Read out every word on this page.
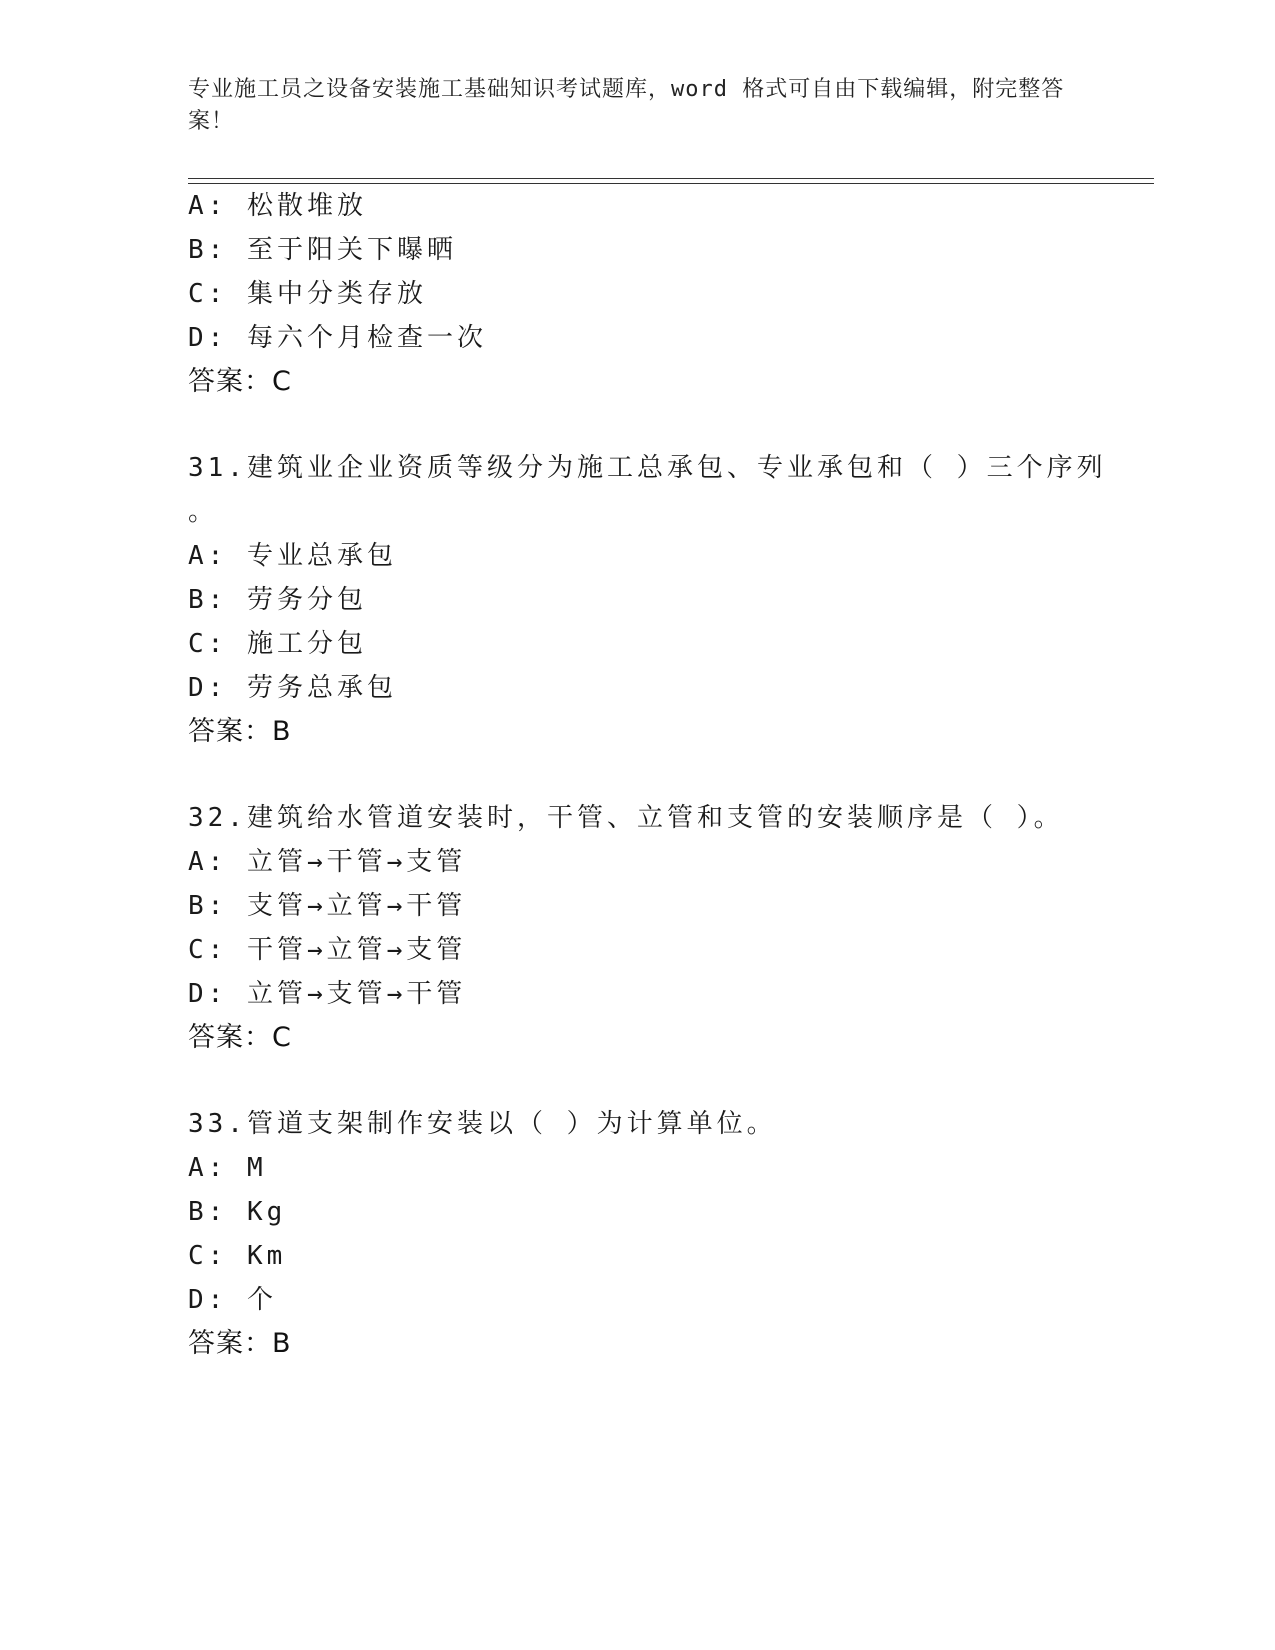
专业施工员之设备安装施工基础知识考试题库，word 格式可自由下载编辑，附完整答案！
A: 松散堆放
B: 至于阳关下曝晒
C: 集中分类存放
D: 每六个月检查一次
答案：C
31.建筑业企业资质等级分为施工总承包、专业承包和（ ）三个序列
。
A: 专业总承包
B: 劳务分包
C: 施工分包
D: 劳务总承包
答案：B
32.建筑给水管道安装时，干管、立管和支管的安装顺序是（ ）。
A: 立管→干管→支管
B: 支管→立管→干管
C: 干管→立管→支管
D: 立管→支管→干管
答案：C
33.管道支架制作安装以（ ）为计算单位。
A: M
B: Kg
C: Km
D: 个
答案：B
